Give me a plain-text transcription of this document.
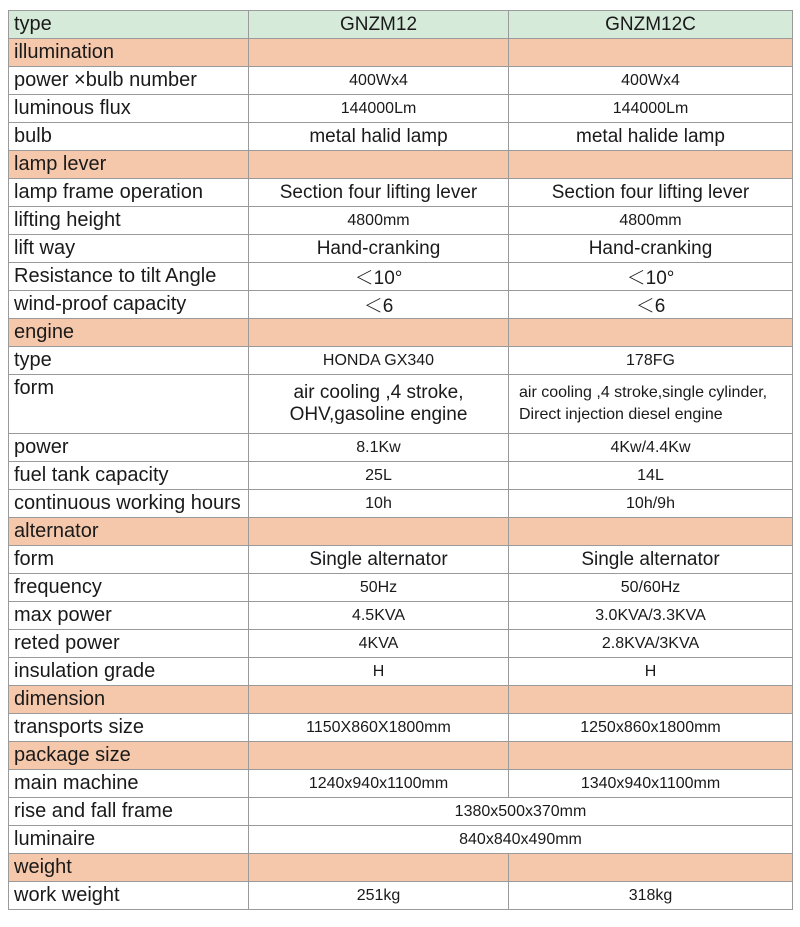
type	GNZM12	GNZM12C
illumination		
power ×bulb number	400Wx4	400Wx4
luminous flux	144000Lm	144000Lm
bulb	metal halid lamp	metal halide lamp
lamp lever		
lamp frame operation	Section four lifting lever	Section four lifting lever
lifting height	4800mm	4800mm
lift way	Hand-cranking	Hand-cranking
Resistance to tilt Angle	＜10°	＜10°
wind-proof capacity	＜6	＜6
engine		
type	HONDA GX340	178FG
form	air cooling ,4 stroke, OHV,gasoline engine	air cooling ,4 stroke,single cylinder, Direct injection diesel engine
power	8.1Kw	4Kw/4.4Kw
fuel tank capacity	25L	14L
continuous working hours	10h	10h/9h
alternator		
form	Single alternator	Single alternator
frequency	50Hz	50/60Hz
max power	4.5KVA	3.0KVA/3.3KVA
reted power	4KVA	2.8KVA/3KVA
insulation grade	H	H
dimension		
transports size	1150X860X1800mm	1250x860x1800mm
package size		
main machine	1240x940x1100mm	1340x940x1100mm
rise and fall frame	1380x500x370mm	
luminaire	840x840x490mm	
weight		
work weight	251kg	318kg
